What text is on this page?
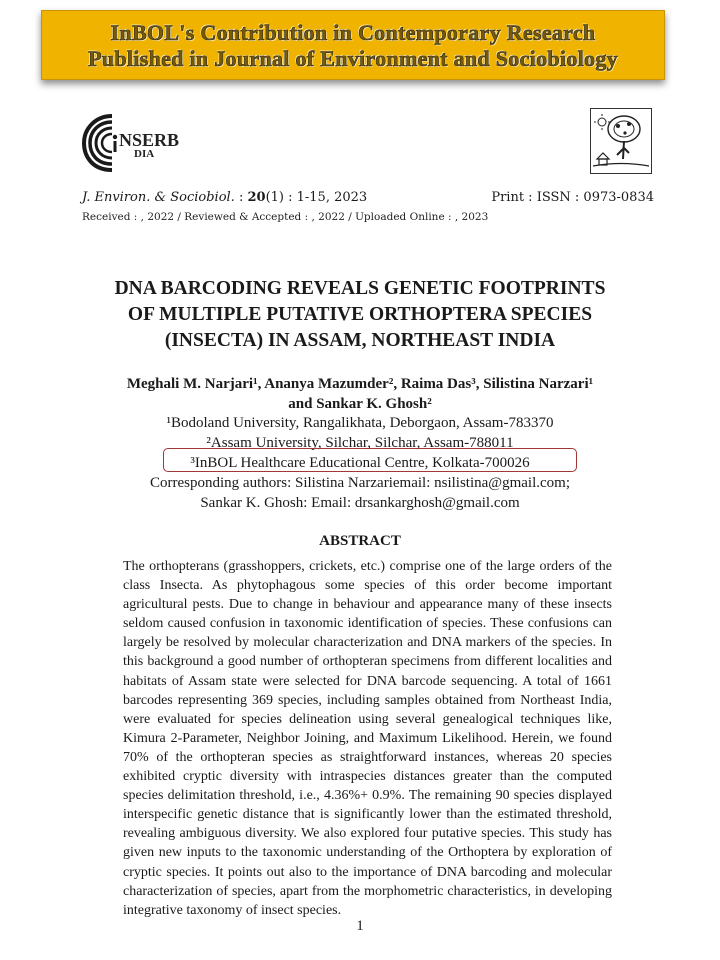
InBOL's Contribution in Contemporary Research
Published in Journal of Environment and Sociobiology
NSERB
DIA
J. Environ. & Sociobiol. : 20(1) : 1-15, 2023	Print : ISSN : 0973-0834
Received : , 2022 / Reviewed & Accepted : , 2022 / Uploaded Online : , 2023
DNA BARCODING REVEALS GENETIC FOOTPRINTS
OF MULTIPLE PUTATIVE ORTHOPTERA SPECIES
(INSECTA) IN ASSAM, NORTHEAST INDIA
Meghali M. Narjari¹, Ananya Mazumder², Raima Das³, Silistina Narzari¹
and Sankar K. Ghosh²
¹Bodoland University, Rangalikhata, Deborgaon, Assam-783370
²Assam University, Silchar, Silchar, Assam-788011
³InBOL Healthcare Educational Centre, Kolkata-700026
Corresponding authors: Silistina Narzariemail: nsilistina@gmail.com;
Sankar K. Ghosh: Email: drsankarghosh@gmail.com
ABSTRACT
The orthopterans (grasshoppers, crickets, etc.) comprise one of the large orders of the class Insecta. As phytophagous some species of this order become important agricultural pests. Due to change in behaviour and appearance many of these insects seldom caused confusion in taxonomic identification of species. These confusions can largely be resolved by molecular characterization and DNA markers of the species. In this background a good number of orthopteran specimens from different localities and habitats of Assam state were selected for DNA barcode sequencing. A total of 1661 barcodes representing 369 species, including samples obtained from Northeast India, were evaluated for species delineation using several genealogical techniques like, Kimura 2-Parameter, Neighbor Joining, and Maximum Likelihood. Herein, we found 70% of the orthopteran species as straightforward instances, whereas 20 species exhibited cryptic diversity with intraspecies distances greater than the computed species delimitation threshold, i.e., 4.36%+ 0.9%. The remaining 90 species displayed interspecific genetic distance that is significantly lower than the estimated threshold, revealing ambiguous diversity. We also explored four putative species. This study has given new inputs to the taxonomic understanding of the Orthoptera by exploration of cryptic species. It points out also to the importance of DNA barcoding and molecular characterization of species, apart from the morphometric characteristics, in developing integrative taxonomy of insect species.
1
